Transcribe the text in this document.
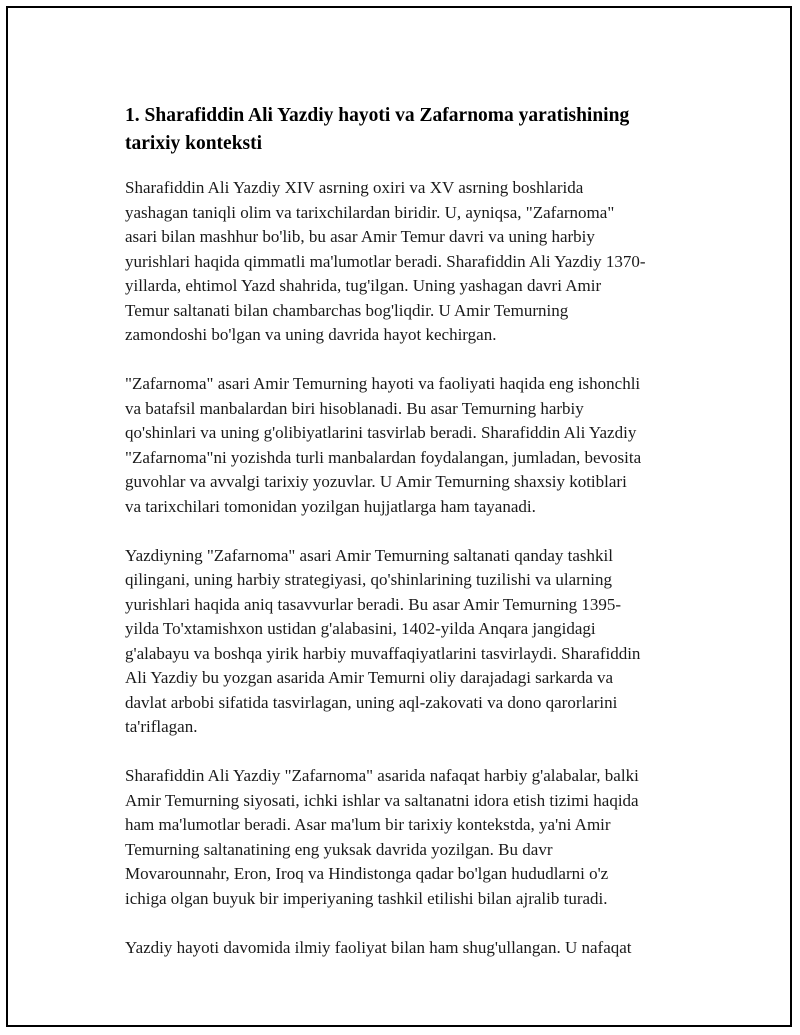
1. Sharafiddin Ali Yazdiy hayoti va Zafarnoma yaratishining
tarixiy konteksti

Sharafiddin Ali Yazdiy XIV asrning oxiri va XV asrning boshlarida
yashagan taniqli olim va tarixchilardan biridir. U, ayniqsa, "Zafarnoma"
asari bilan mashhur bo'lib, bu asar Amir Temur davri va uning harbiy
yurishlari haqida qimmatli ma'lumotlar beradi. Sharafiddin Ali Yazdiy 1370-
yillarda, ehtimol Yazd shahrida, tug'ilgan. Uning yashagan davri Amir
Temur saltanati bilan chambarchas bog'liqdir. U Amir Temurning
zamondoshi bo'lgan va uning davrida hayot kechirgan.

"Zafarnoma" asari Amir Temurning hayoti va faoliyati haqida eng ishonchli
va batafsil manbalardan biri hisoblanadi. Bu asar Temurning harbiy
qo'shinlari va uning g'olibiyatlarini tasvirlab beradi. Sharafiddin Ali Yazdiy
"Zafarnoma"ni yozishda turli manbalardan foydalangan, jumladan, bevosita
guvohlar va avvalgi tarixiy yozuvlar. U Amir Temurning shaxsiy kotiblari
va tarixchilari tomonidan yozilgan hujjatlarga ham tayanadi.

Yazdiyning "Zafarnoma" asari Amir Temurning saltanati qanday tashkil
qilingani, uning harbiy strategiyasi, qo'shinlarining tuzilishi va ularning
yurishlari haqida aniq tasavvurlar beradi. Bu asar Amir Temurning 1395-
yilda To'xtamishxon ustidan g'alabasini, 1402-yilda Anqara jangidagi
g'alabayu va boshqa yirik harbiy muvaffaqiyatlarini tasvirlaydi. Sharafiddin
Ali Yazdiy bu yozgan asarida Amir Temurni oliy darajadagi sarkarda va
davlat arbobi sifatida tasvirlagan, uning aql-zakovati va dono qarorlarini
ta'riflagan.

Sharafiddin Ali Yazdiy "Zafarnoma" asarida nafaqat harbiy g'alabalar, balki
Amir Temurning siyosati, ichki ishlar va saltanatni idora etish tizimi haqida
ham ma'lumotlar beradi. Asar ma'lum bir tarixiy kontekstda, ya'ni Amir
Temurning saltanatining eng yuksak davrida yozilgan. Bu davr
Movarounnahr, Eron, Iroq va Hindistonga qadar bo'lgan hududlarni o'z
ichiga olgan buyuk bir imperiyaning tashkil etilishi bilan ajralib turadi.

Yazdiy hayoti davomida ilmiy faoliyat bilan ham shug'ullangan. U nafaqat
